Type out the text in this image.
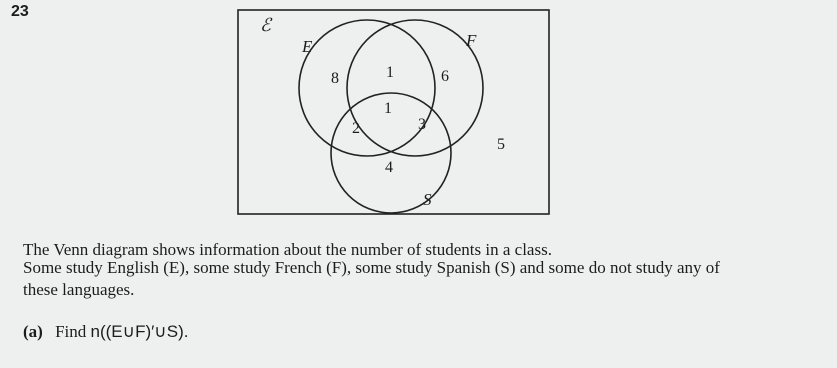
23
ℰ
E	F
S
8	1	6
1
2	3
4
5
The Venn diagram shows information about the number of students in a class.
Some study English (E), some study French (F), some study Spanish (S) and some do not study any of
these languages.
(a) Find n((E∪F)′∪S).
